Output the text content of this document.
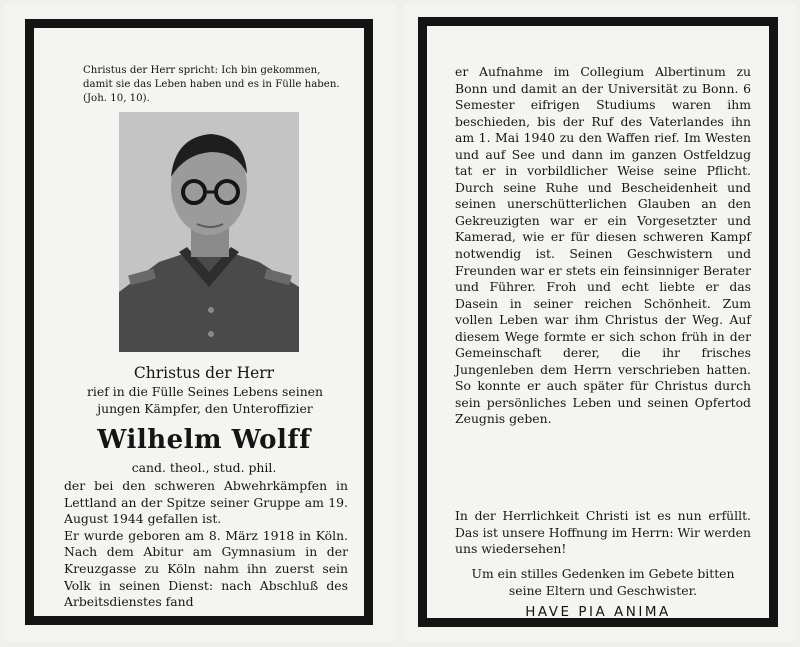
Christus der Herr spricht: Ich bin gekommen, damit sie das Leben haben und es in Fülle haben. (Joh. 10, 10).

Christus der Herr

rief in die Fülle Seines Lebens seinen jungen Kämpfer, den Unteroffizier

Wilhelm Wolff
cand. theol., stud. phil.

der bei den schweren Abwehrkämpfen in Lettland an der Spitze seiner Gruppe am 19. August 1944 gefallen ist.

Er wurde geboren am 8. März 1918 in Köln. Nach dem Abitur am Gymnasium in der Kreuzgasse zu Köln nahm ihn zuerst sein Volk in seinen Dienst: nach Abschluß des Arbeitsdienstes fand

er Aufnahme im Collegium Albertinum zu Bonn und damit an der Universität zu Bonn. 6 Semester eifrigen Studiums waren ihm beschieden, bis der Ruf des Vaterlandes ihn am 1. Mai 1940 zu den Waffen rief. Im Westen und auf See und dann im ganzen Ostfeldzug tat er in vorbildlicher Weise seine Pflicht. Durch seine Ruhe und Bescheidenheit und seinen unerschütterlichen Glauben an den Gekreuzigten war er ein Vorgesetzter und Kamerad, wie er für diesen schweren Kampf notwendig ist. Seinen Geschwistern und Freunden war er stets ein feinsinniger Berater und Führer. Froh und echt liebte er das Dasein in seiner reichen Schönheit. Zum vollen Leben war ihm Christus der Weg. Auf diesem Wege formte er sich schon früh in der Gemeinschaft derer, die ihr frisches Jungenleben dem Herrn verschrieben hatten. So konnte er auch später für Christus durch sein persönliches Leben und seinen Opfertod Zeugnis geben.

In der Herrlichkeit Christi ist es nun erfüllt. Das ist unsere Hoffnung im Herrn: Wir werden uns wiedersehen!

Um ein stilles Gedenken im Gebete bitten seine Eltern und Geschwister.

HAVE PIA ANIMA
